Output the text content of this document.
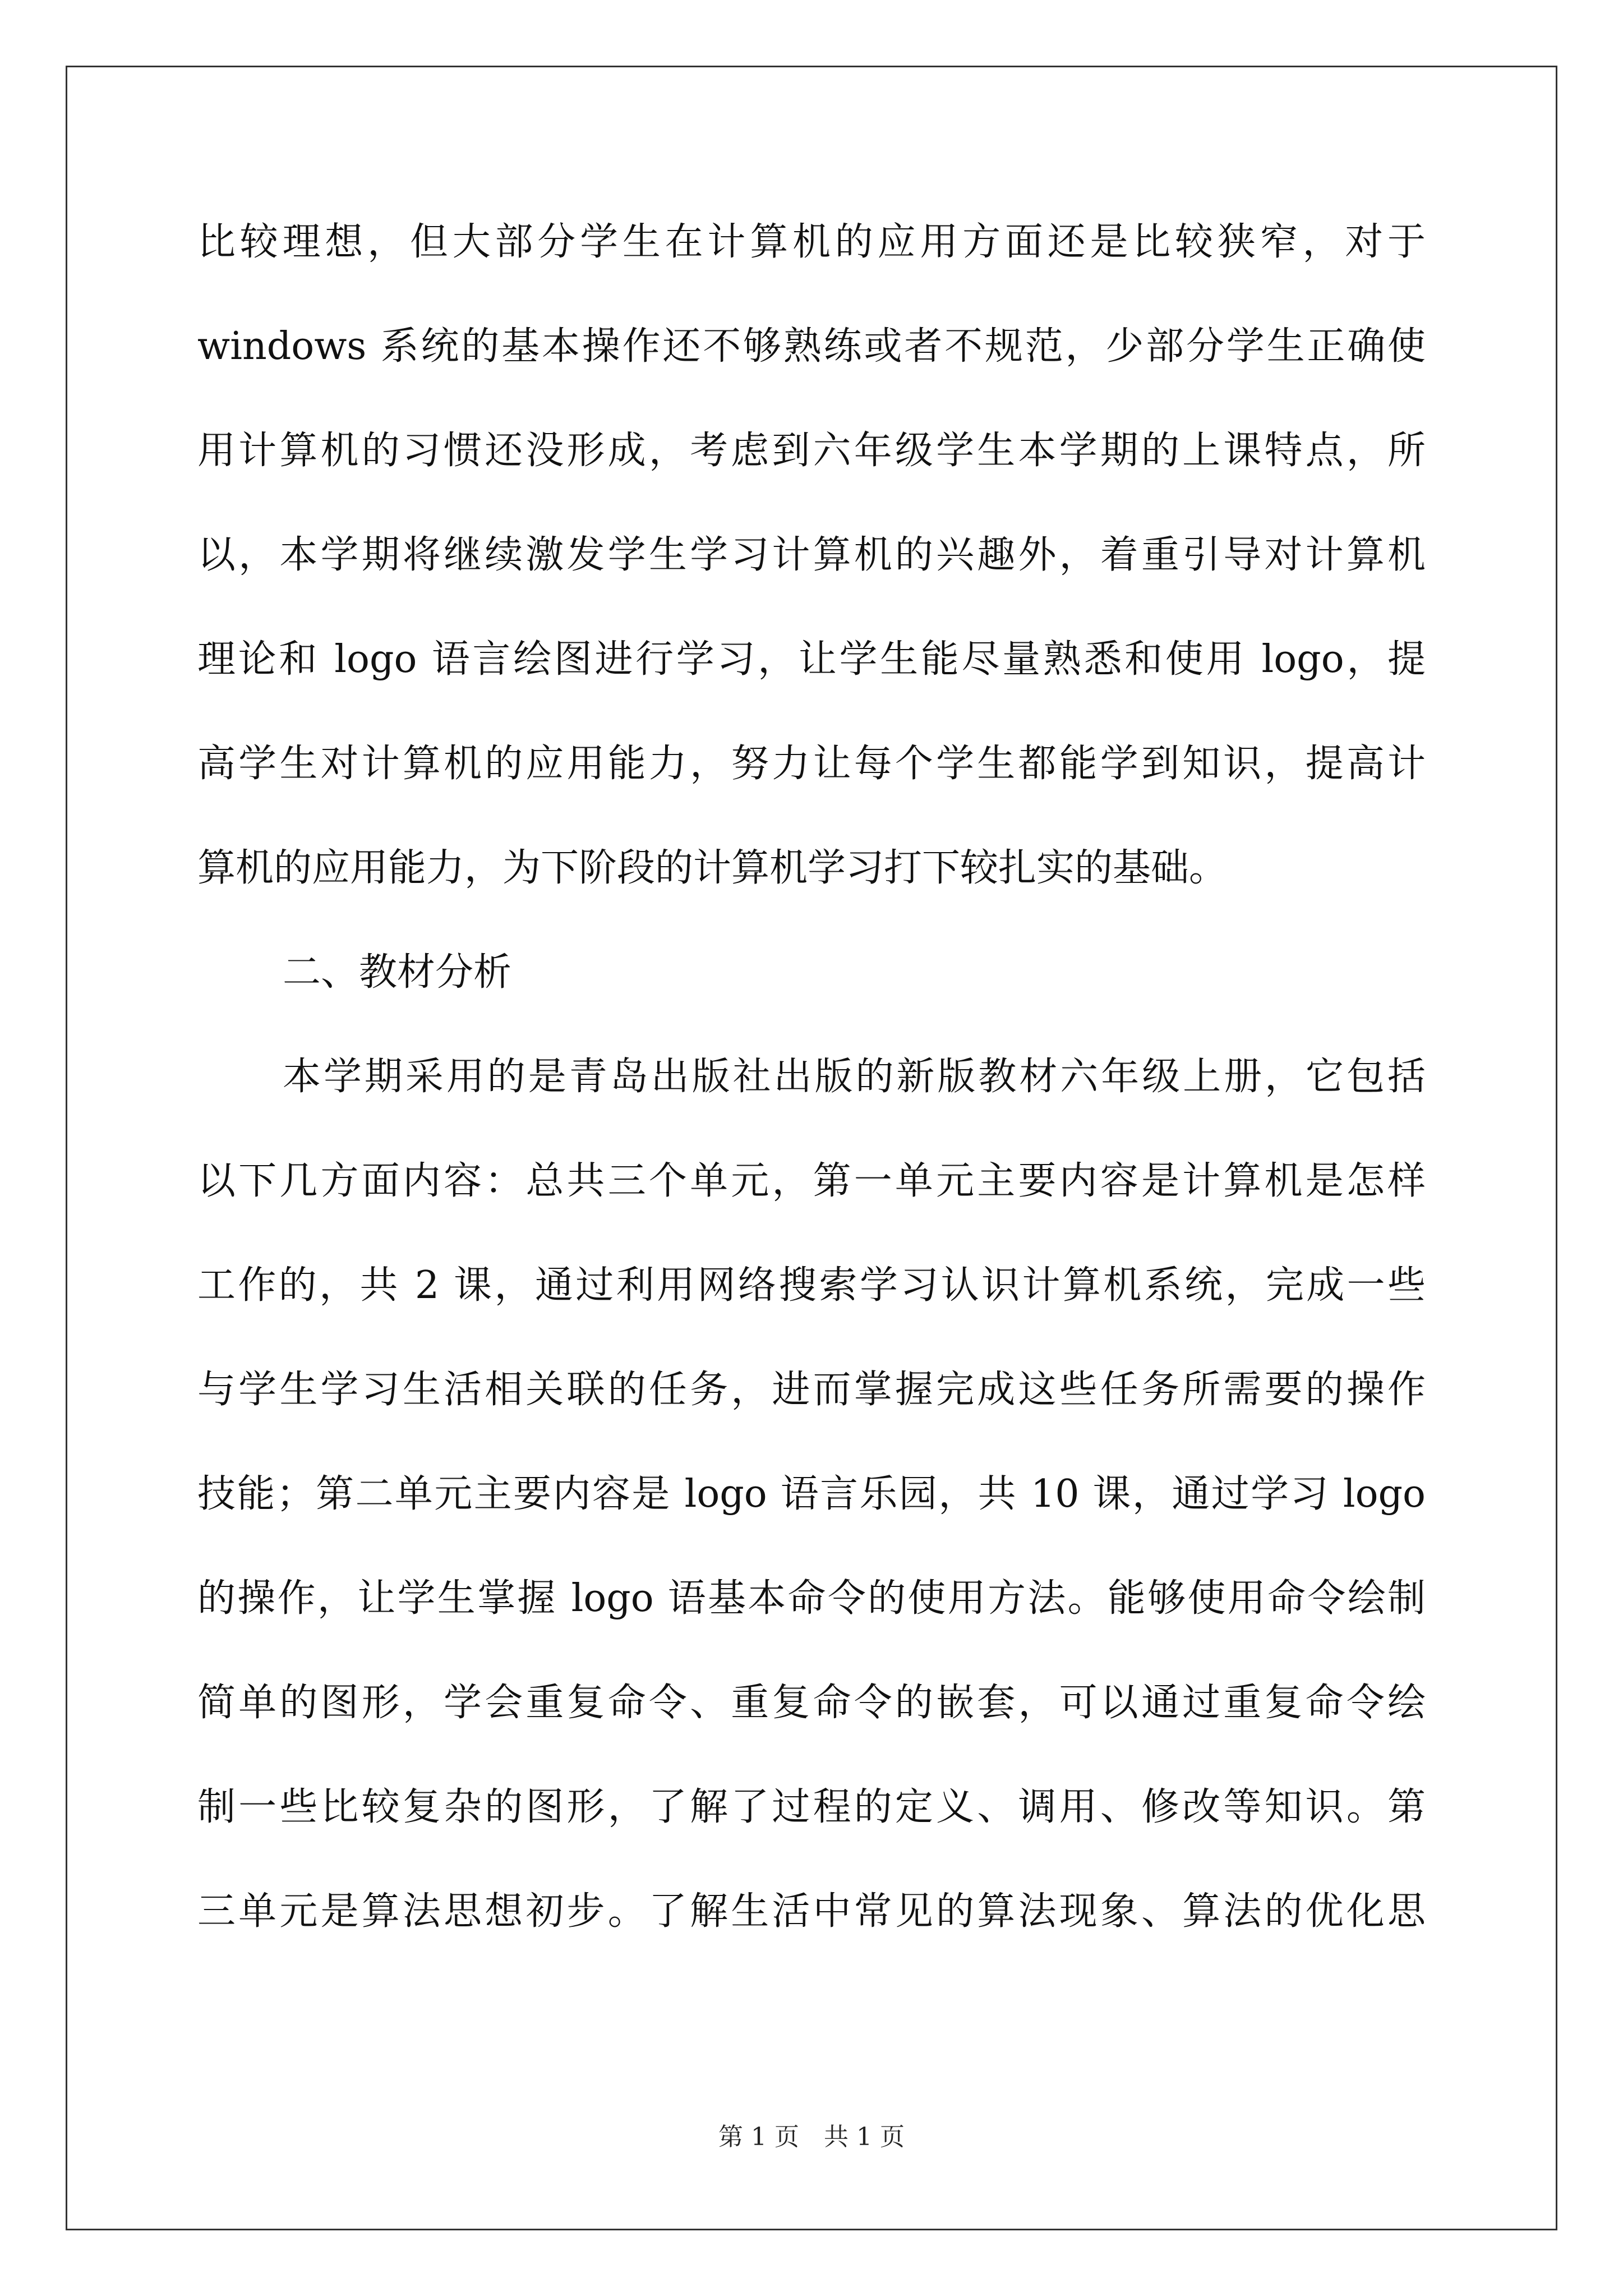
比较理想，但大部分学生在计算机的应用方面还是比较狭窄，对于
windows 系统的基本操作还不够熟练或者不规范，少部分学生正确使
用计算机的习惯还没形成，考虑到六年级学生本学期的上课特点，所
以，本学期将继续激发学生学习计算机的兴趣外，着重引导对计算机
理论和 logo 语言绘图进行学习，让学生能尽量熟悉和使用 logo，提
高学生对计算机的应用能力，努力让每个学生都能学到知识，提高计
算机的应用能力，为下阶段的计算机学习打下较扎实的基础。
二、教材分析
本学期采用的是青岛出版社出版的新版教材六年级上册，它包括
以下几方面内容：总共三个单元，第一单元主要内容是计算机是怎样
工作的，共 2 课，通过利用网络搜索学习认识计算机系统，完成一些
与学生学习生活相关联的任务，进而掌握完成这些任务所需要的操作
技能；第二单元主要内容是 logo 语言乐园，共 10 课，通过学习 logo
的操作，让学生掌握 logo 语基本命令的使用方法。能够使用命令绘制
简单的图形，学会重复命令、重复命令的嵌套，可以通过重复命令绘
制一些比较复杂的图形，了解了过程的定义、调用、修改等知识。第
三单元是算法思想初步。了解生活中常见的算法现象、算法的优化思
第 1 页　共 1 页
